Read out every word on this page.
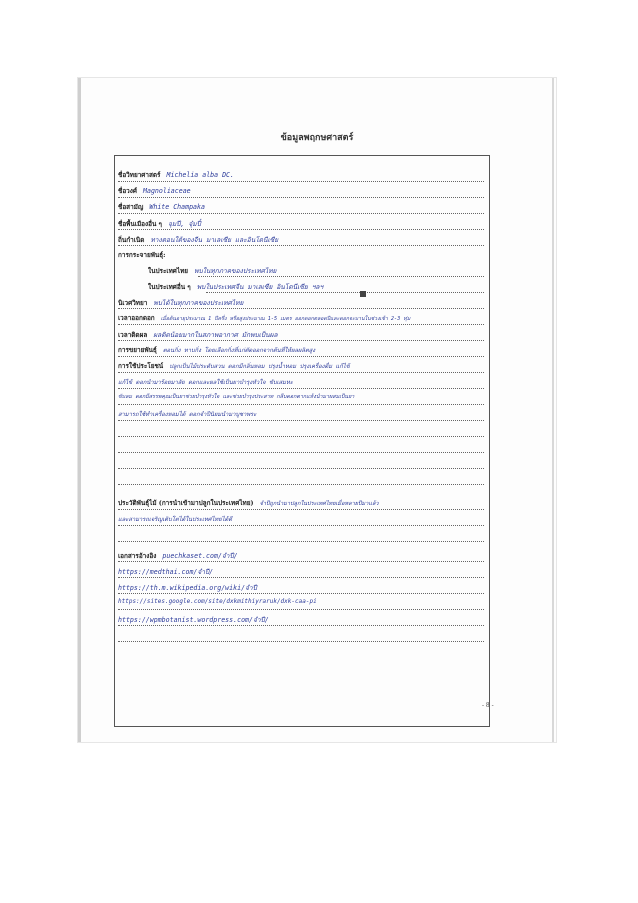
ข้อมูลพฤกษศาสตร์
ชื่อวิทยาศาสตร์ Michelia alba DC.
ชื่อวงศ์ Magnoliaceae
ชื่อสามัญ White Champaka
ชื่อพื้นเมืองอื่น ๆ จุมปี, จุ๋มปี๋
ถิ่นกำเนิด ทางตอนใต้ของจีน มาเลเซีย และอินโดนีเซีย
การกระจายพันธุ์:
ในประเทศไทย พบในทุกภาคของประเทศไทย
ในประเทศอื่น ๆ พบในประเทศจีน มาเลเซีย อินโดนีเซีย ฯลฯ
นิเวศวิทยา พบได้ในทุกภาคของประเทศไทย
เวลาออกดอก เมื่อต้นอายุประมาณ 1 ปีครึ่ง หรือสูงประมาณ 1-5 เมตร ออกดอกตลอดปีและดอกจะบานในช่วงเช้า 2-3 ทุ่ม
เวลาติดผล ผลติดน้อยมากในสภาพอากาศ มักพบเป็นผล
การขยายพันธุ์ ตอนกิ่ง ทาบกิ่ง โดยเลือกกิ่งที่แก่ตัดออกจากต้นที่ให้ผลผลิตสูง
การใช้ประโยชน์ ปลูกเป็นไม้ประดับสวน ดอกมีกลิ่นหอม ปรุงน้ำหอม ปรุงเครื่องดื่ม แก้ไข้
แก้ไข้ ดอกนำมาร้อยมาลัย ดอกและผลใช้เป็นยาบำรุงหัวใจ ขับเสมหะ
ขับลม ดอกมีสรรพคุณเป็นยาช่วยบำรุงหัวใจ และช่วยบำรุงประสาท กลีบดอกตากแห้งนำมาผสมเป็นยา
สามารถใช้ทำเครื่องหอมได้ ดอกจำปีนิยมนำมาบูชาพระ
ประวัติพันธุ์ไม้ (การนำเข้ามาปลูกในประเทศไทย) จำปีถูกนำมาปลูกในประเทศไทยเมื่อหลายปีมาแล้ว
และสามารถเจริญเติบโตได้ในประเทศไทยได้ดี
เอกสารอ้างอิง puechkaset.com/จำปี/
https://medthai.com/จำปี/
https://th.m.wikipedia.org/wiki/จำปี
https://sites.google.com/site/dxkmithiyraruk/dxk-caa-pi
https://wpmbotanist.wordpress.com/จำปี/
- 8 -
